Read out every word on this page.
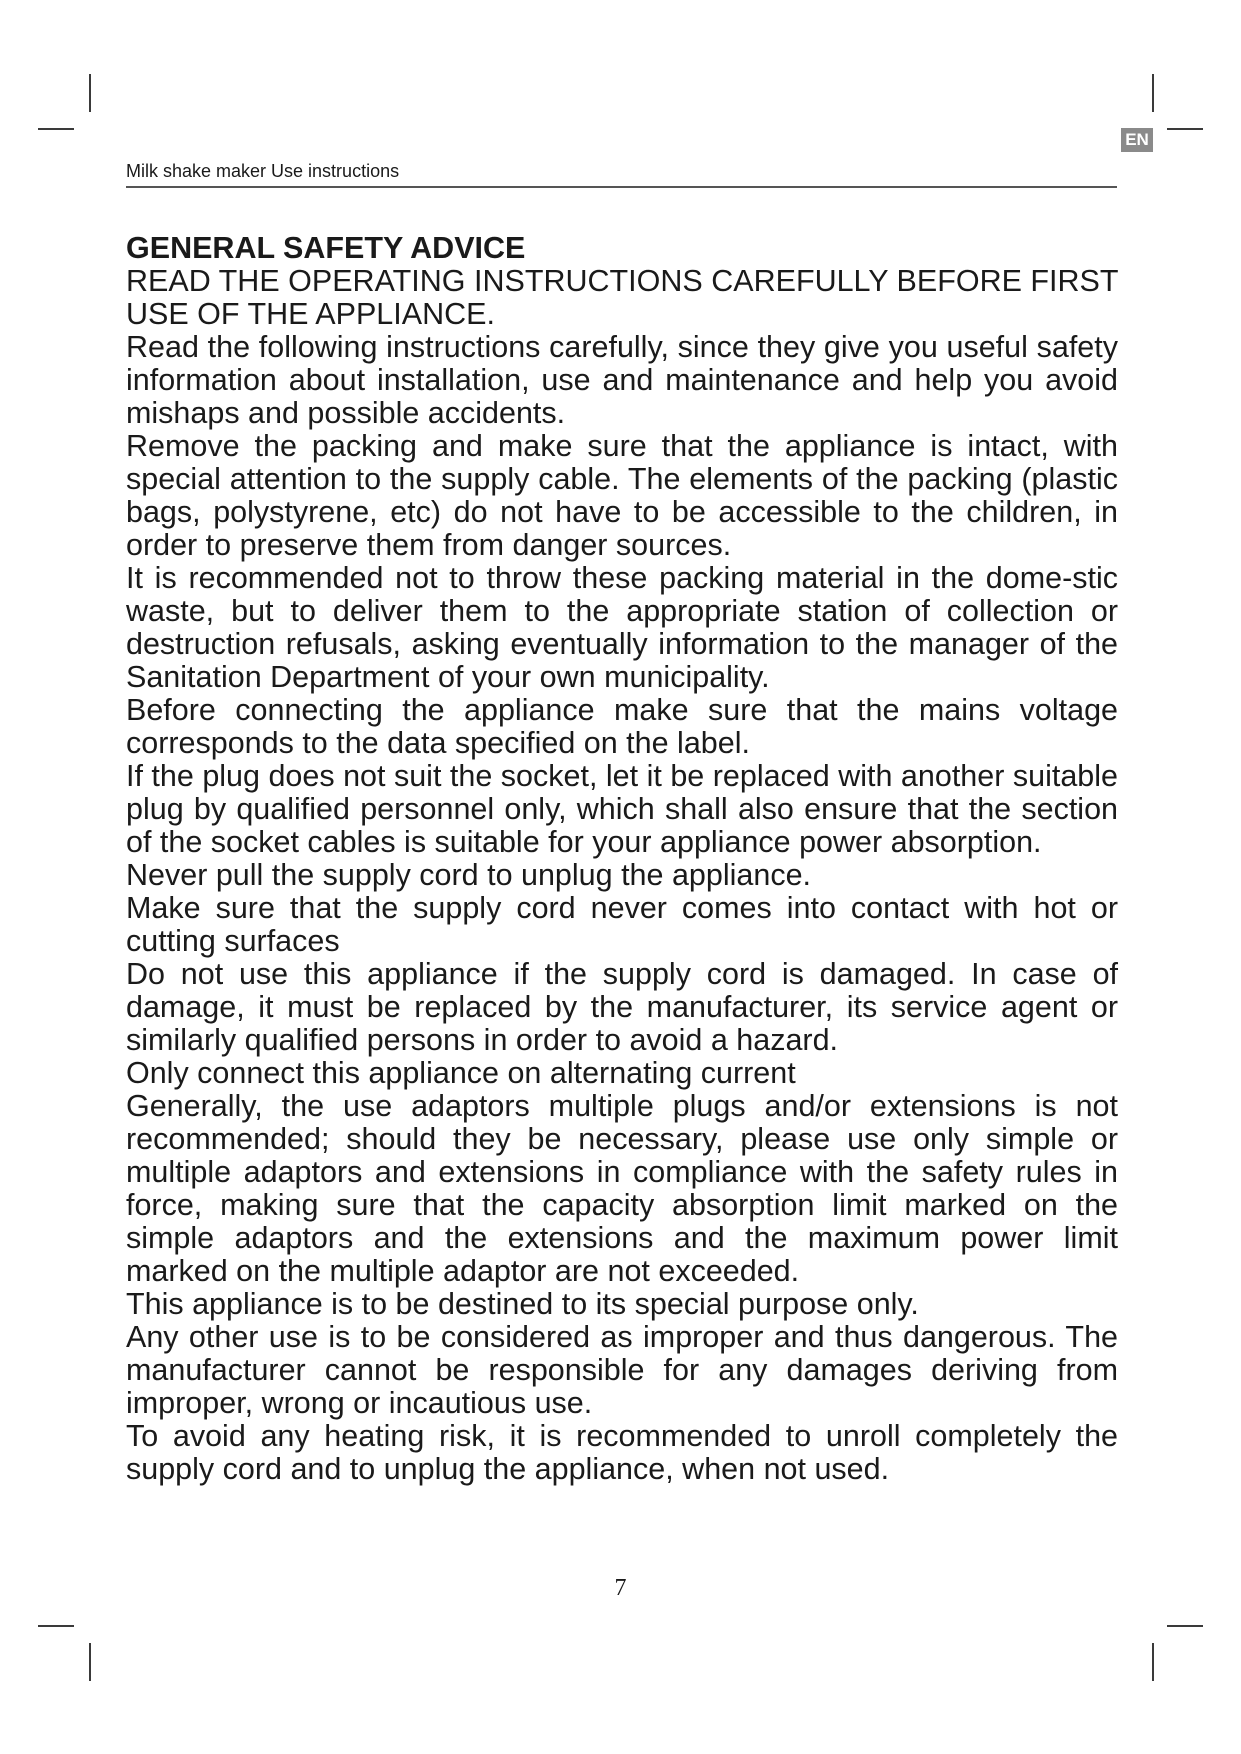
EN
Milk shake maker Use instructions
GENERAL SAFETY ADVICE

READ THE OPERATING INSTRUCTIONS CAREFULLY BEFORE FIRST USE OF THE APPLIANCE.

Read the following instructions carefully, since they give you useful safety information about installation, use and maintenance and help you avoid mishaps and possible accidents.

Remove the packing and make sure that the appliance is intact, with special attention to the supply cable. The elements of the packing (plastic bags, polystyrene, etc) do not have to be accessible to the children, in order to preserve them from danger sources.

It is recommended not to throw these packing material in the dome-stic waste, but to deliver them to the appropriate station of collection or destruction refusals, asking eventually information to the manager of the Sanitation Department of your own municipality.

Before connecting the appliance make sure that the mains voltage corresponds to the data specified on the label.

If the plug does not suit the socket, let it be replaced with another suitable plug by qualified personnel only, which shall also ensure that the section of the socket cables is suitable for your appliance power absorption.

Never pull the supply cord to unplug the appliance.

Make sure that the supply cord never comes into contact with hot or cutting surfaces

Do not use this appliance if the supply cord is damaged. In case of damage, it must be replaced by the manufacturer, its service agent or similarly qualified persons in order to avoid a hazard.

Only connect this appliance on alternating current

Generally, the use adaptors multiple plugs and/or extensions is not recommended; should they be necessary, please use only simple or multiple adaptors and extensions in compliance with the safety rules in force, making sure that the capacity absorption limit marked on the simple adaptors and the extensions and the maximum power limit marked on the multiple adaptor are not exceeded.

This appliance is to be destined to its special purpose only.

Any other use is to be considered as improper and thus dangerous. The manufacturer cannot be responsible for any damages deriving from improper, wrong or incautious use.

To avoid any heating risk, it is recommended to unroll completely the supply cord and to unplug the appliance, when not used.

7
